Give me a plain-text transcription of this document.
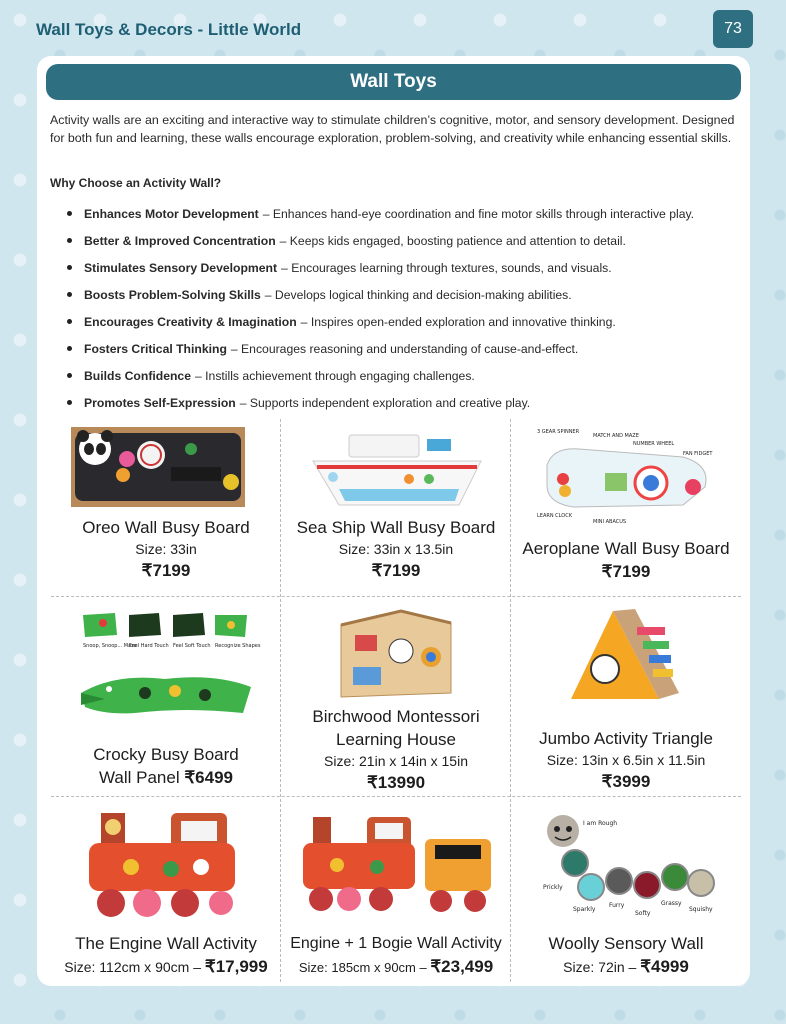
Wall Toys & Decors - Little World	73
Wall Toys

Activity walls are an exciting and interactive way to stimulate children’s cognitive, motor, and sensory development. Designed for both fun and learning, these walls encourage exploration, problem-solving, and creativity while enhancing essential skills.

Why Choose an Activity Wall?
Enhances Motor Development – Enhances hand-eye coordination and fine motor skills through interactive play.
Better & Improved Concentration – Keeps kids engaged, boosting patience and attention to detail.
Stimulates Sensory Development – Encourages learning through textures, sounds, and visuals.
Boosts Problem-Solving Skills – Develops logical thinking and decision-making abilities.
Encourages Creativity & Imagination – Inspires open-ended exploration and innovative thinking.
Fosters Critical Thinking – Encourages reasoning and understanding of cause-and-effect.
Builds Confidence – Instills achievement through engaging challenges.
Promotes Self-Expression – Supports independent exploration and creative play.
Oreo Wall Busy Board
Size: 33in
₹7199
Sea Ship Wall Busy Board
Size: 33in x 13.5in
₹7199
3 GEAR SPINNER
MATCH AND MAZE
NUMBER WHEEL
FAN FIDGET
LEARN CLOCK
MINI ABACUS
Aeroplane Wall Busy Board
₹7199
Snoop, Snoop... Maze
Feel Hard Touch Feel Soft Touch Recognize Shapes
Crocky Busy Board
Wall Panel ₹6499
Birchwood Montessori
Learning House
Size: 21in x 14in x 15in
₹13990
Jumbo Activity Triangle
Size: 13in x 6.5in x 11.5in
₹3999
The Engine Wall Activity
Size: 112cm x 90cm – ₹17,999
Engine + 1 Bogie Wall Activity
Size: 185cm x 90cm – ₹23,499
I am Rough
Prickly
Sparkly
Furry
Softy
Grassy
Squishy
Woolly Sensory Wall
Size: 72in – ₹4999
